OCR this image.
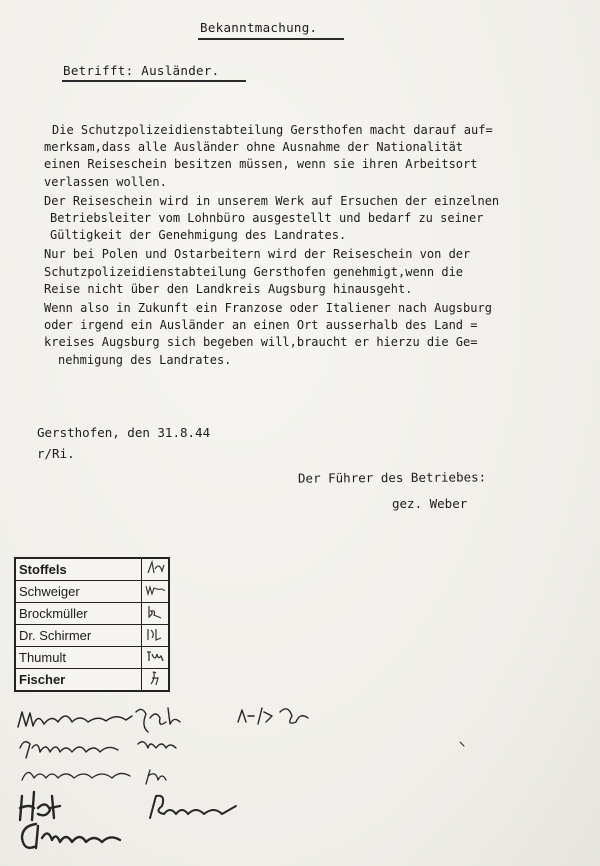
Bekanntmachung.
Betrifft: Ausländer.
Die Schutzpolizeidienstabteilung Gersthofen macht darauf auf=
merksam,dass alle Ausländer ohne Ausnahme der Nationalität
einen Reiseschein besitzen müssen, wenn sie ihren Arbeitsort
verlassen wollen.
Der Reiseschein wird in unserem Werk auf Ersuchen der einzelnen
Betriebsleiter vom Lohnbüro ausgestellt und bedarf zu seiner
Gültigkeit der Genehmigung des Landrates.
Nur bei Polen und Ostarbeitern wird der Reiseschein von der
Schutzpolizeidienstabteilung Gersthofen genehmigt,wenn die
Reise nicht über den Landkreis Augsburg hinausgeht.
Wenn also in Zukunft ein Franzose oder Italiener nach Augsburg
oder irgend ein Ausländer an einen Ort ausserhalb des Land =
kreises Augsburg sich begeben will,braucht er hierzu die Ge=
nehmigung des Landrates.
Gersthofen, den 31.8.44
r/Ri.
Der Führer des Betriebes:
gez. Weber
Stoffels	
Schweiger	
Brockmüller	
Dr. Schirmer	
Thumult	
Fischer	
